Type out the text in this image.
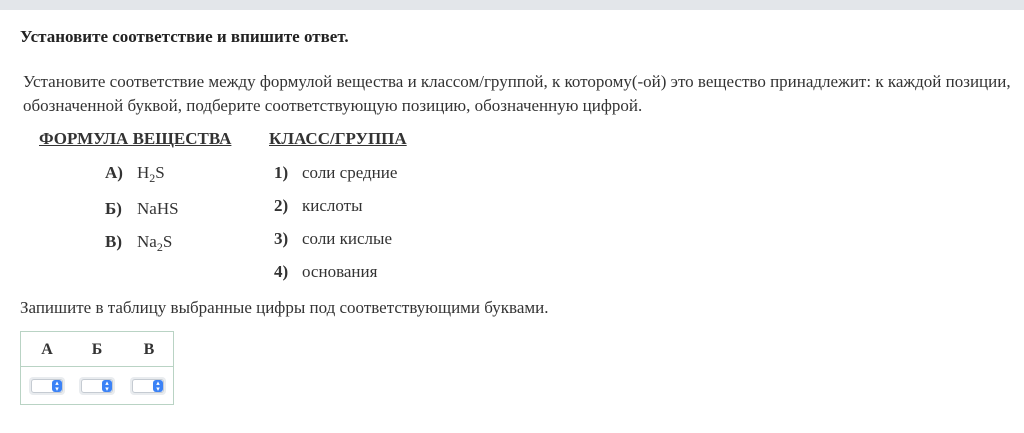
Установите соответствие и впишите ответ.
Установите соответствие между формулой вещества и классом/группой, к которому(-ой) это вещество принадлежит: к каждой позиции, обозначенной буквой, подберите соответствующую позицию, обозначенную цифрой.
ФОРМУЛА ВЕЩЕСТВА КЛАСС/ГРУППА
А) $H_2S$
Б) NaHS
В) $Na_2S$
1) соли средние
2) кислоты
3) соли кислые
4) основания
Запишите в таблицу выбранные цифры под соответствующими буквами.
А	Б	В
▴
▾
▴
▾
▴
▾
